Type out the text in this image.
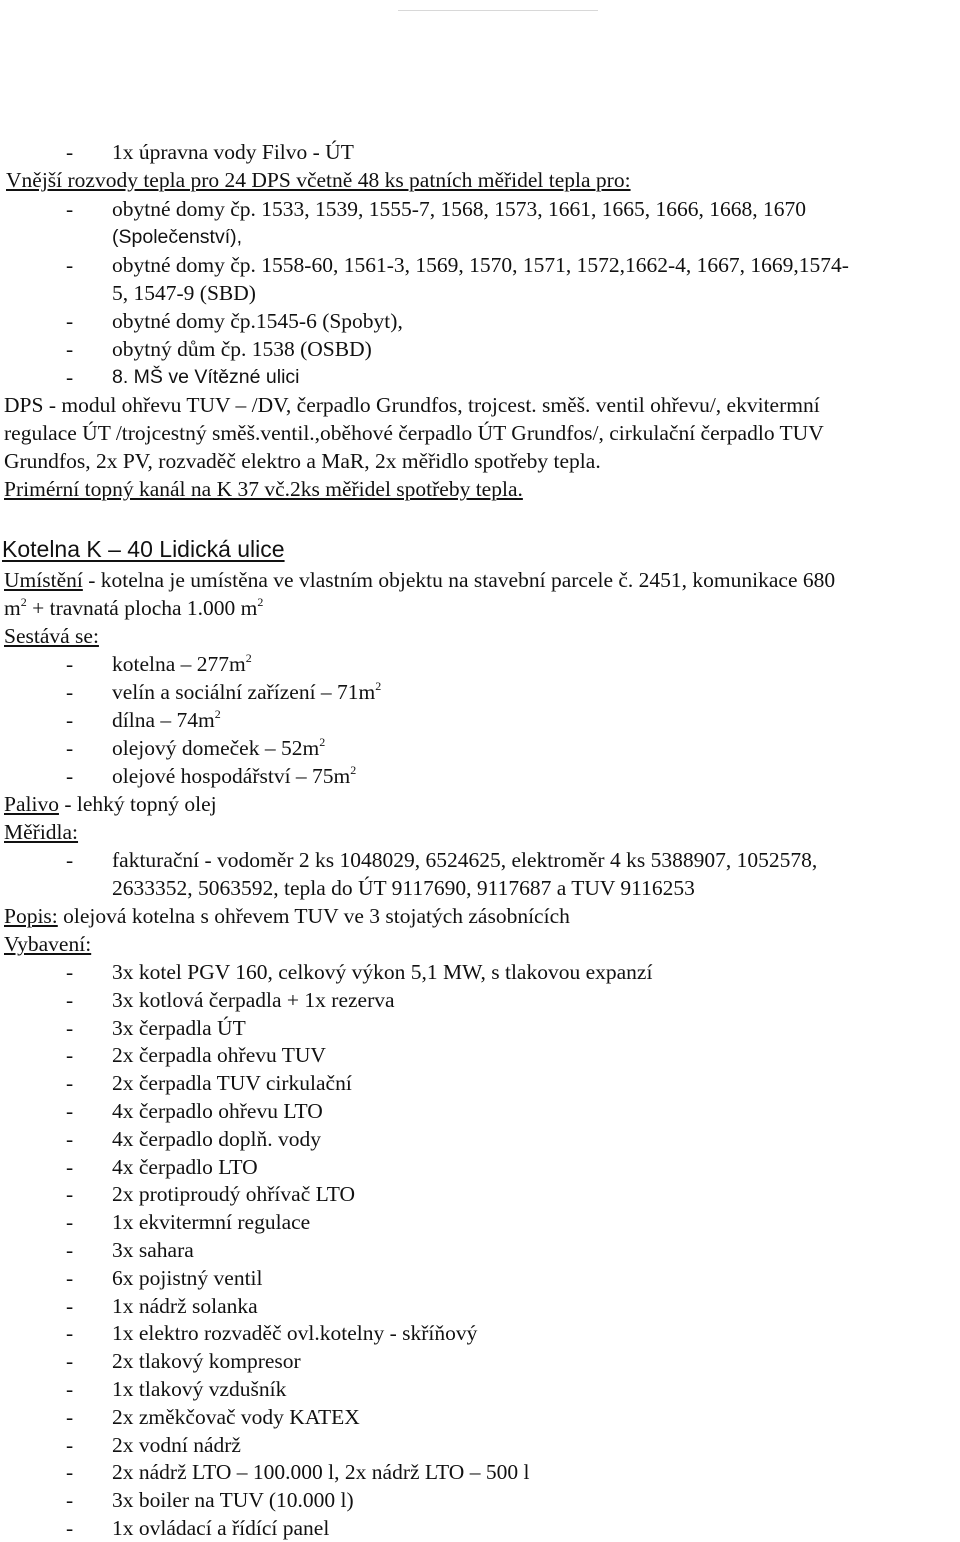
- 1x úpravna vody Filvo - ÚT
Vnější rozvody tepla pro 24 DPS včetně 48 ks patních měřidel tepla pro:
- obytné domy čp. 1533, 1539, 1555-7, 1568, 1573, 1661, 1665, 1666, 1668, 1670
(Společenství),
- obytné domy čp. 1558-60, 1561-3, 1569, 1570, 1571, 1572,1662-4, 1667, 1669,1574-
5, 1547-9 (SBD)
- obytné domy čp.1545-6 (Spobyt),
- obytný dům čp. 1538 (OSBD)
- 8. MŠ ve Vítězné ulici
DPS - modul ohřevu TUV – /DV, čerpadlo Grundfos, trojcest. směš. ventil ohřevu/, ekvitermní
regulace ÚT /trojcestný směš.ventil.,oběhové čerpadlo ÚT Grundfos/, cirkulační čerpadlo TUV
Grundfos, 2x PV, rozvaděč elektro a MaR, 2x měřidlo spotřeby tepla.
Primérní topný kanál na K 37 vč.2ks měřidel spotřeby tepla.
Kotelna K – 40 Lidická ulice
Umístění - kotelna je umístěna ve vlastním objektu na stavební parcele č. 2451, komunikace 680
$m^2$ + travnatá plocha 1.000 $m^2$
Sestává se:
- kotelna – $277m^2$
- velín a sociální zařízení – $71m^2$
- dílna – $74m^2$
- olejový domeček – $52m^2$
- olejové hospodářství – $75m^2$
Palivo - lehký topný olej
Měřidla:
- fakturační - vodoměr 2 ks 1048029, 6524625, elektroměr 4 ks 5388907, 1052578,
2633352, 5063592, tepla do ÚT 9117690, 9117687 a TUV 9116253
Popis: olejová kotelna s ohřevem TUV ve 3 stojatých zásobnících
Vybavení:
- 3x kotel PGV 160, celkový výkon 5,1 MW, s tlakovou expanzí
- 3x kotlová čerpadla + 1x rezerva
- 3x čerpadla ÚT
- 2x čerpadla ohřevu TUV
- 2x čerpadla TUV cirkulační
- 4x čerpadlo ohřevu LTO
- 4x čerpadlo doplň. vody
- 4x čerpadlo LTO
- 2x protiproudý ohřívač LTO
- 1x ekvitermní regulace
- 3x sahara
- 6x pojistný ventil
- 1x nádrž solanka
- 1x elektro rozvaděč ovl.kotelny - skříňový
- 2x tlakový kompresor
- 1x tlakový vzdušník
- 2x změkčovač vody KATEX
- 2x vodní nádrž
- 2x nádrž LTO – 100.000 l, 2x nádrž LTO – 500 l
- 3x boiler na TUV (10.000 l)
- 1x ovládací a řídící panel
